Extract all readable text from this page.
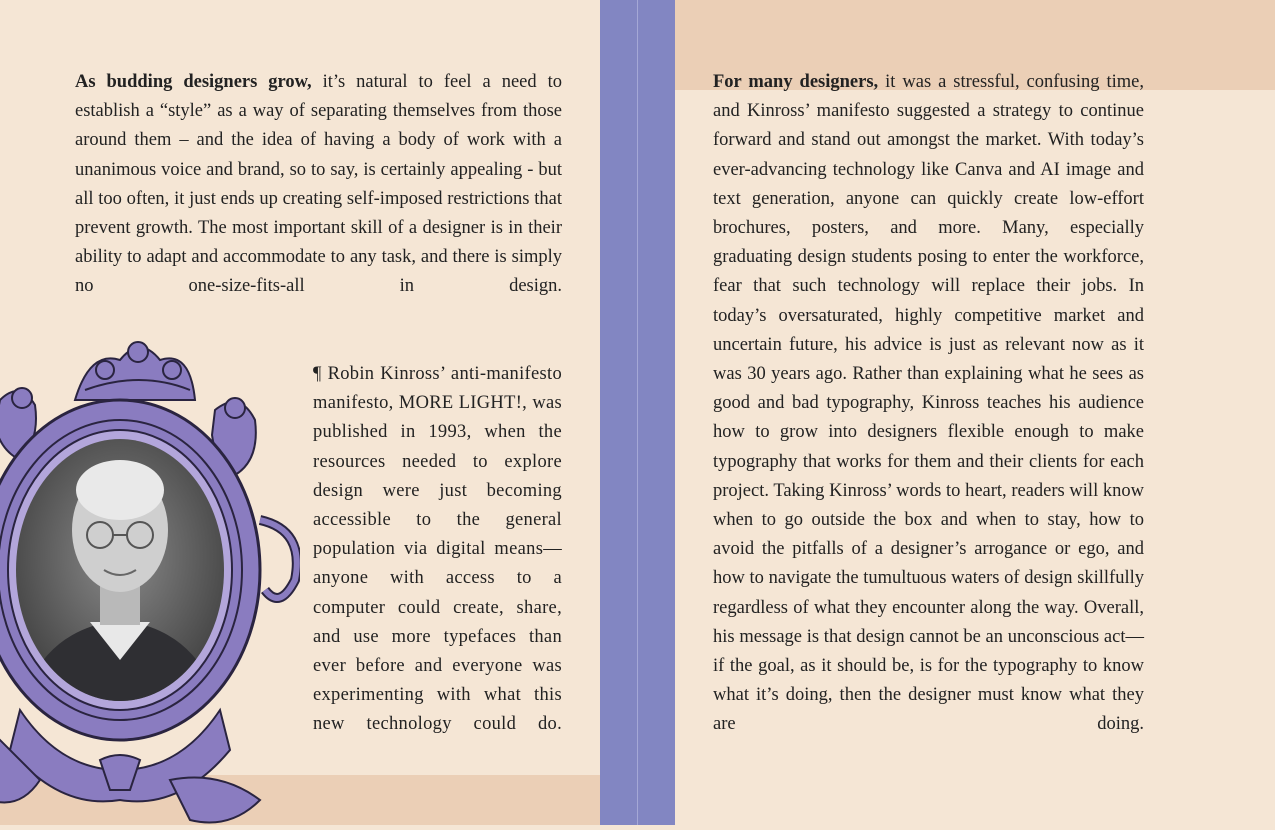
As budding designers grow, it’s natural to feel a need to establish a “style” as a way of separating themselves from those around them – and the idea of having a body of work with a unanimous voice and brand, so to say, is certainly appealing - but all too often, it just ends up creating self-imposed restrictions that prevent growth. The most important skill of a designer is in their ability to adapt and accommodate to any task, and there is simply no one-size-fits-all in design.

¶ Robin Kinross’ anti-manifesto manifesto, MORE LIGHT!, was published in 1993, when the resources needed to explore design were just becoming accessible to the general population via digital means—anyone with access to a computer could create, share, and use more typefaces than ever before and everyone was experimenting with what this new technology could do.

For many designers, it was a stressful, confusing time, and Kinross’ manifesto suggested a strategy to continue forward and stand out amongst the market. With today’s ever-advancing technology like Canva and AI image and text generation, anyone can quickly create low-effort brochures, posters, and more. Many, especially graduating design students posing to enter the workforce, fear that such technology will replace their jobs. In today’s oversaturated, highly competitive market and uncertain future, his advice is just as relevant now as it was 30 years ago. Rather than explaining what he sees as good and bad typography, Kinross teaches his audience how to grow into designers flexible enough to make typography that works for them and their clients for each project. Taking Kinross’ words to heart, readers will know when to go outside the box and when to stay, how to avoid the pitfalls of a designer’s arrogance or ego, and how to navigate the tumultuous waters of design skillfully regardless of what they encounter along the way. Overall, his message is that design cannot be an unconscious act—if the goal, as it should be, is for the typography to know what it’s doing, then the designer must know what they are doing.
